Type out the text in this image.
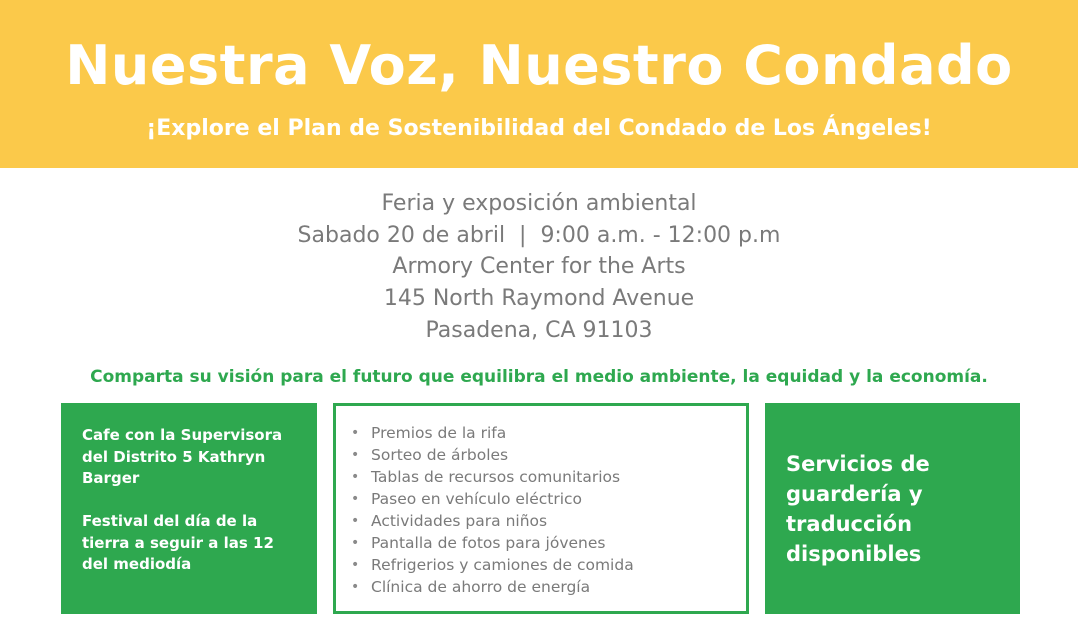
Nuestra Voz, Nuestro Condado
¡Explore el Plan de Sostenibilidad del Condado de Los Ángeles!
Feria y exposición ambiental
Sabado 20 de abril  |  9:00 a.m. - 12:00 p.m
Armory Center for the Arts
145 North Raymond Avenue
Pasadena, CA 91103
Comparta su visión para el futuro que equilibra el medio ambiente, la equidad y la economía.
Cafe con la Supervisora del Distrito 5 Kathryn Barger
Festival del día de la tierra a seguir a las 12 del mediodía
• Premios de la rifa
• Sorteo de árboles
• Tablas de recursos comunitarios
• Paseo en vehículo eléctrico
• Actividades para niños
• Pantalla de fotos para jóvenes
• Refrigerios y camiones de comida
• Clínica de ahorro de energía
Servicios de guardería y traducción disponibles
